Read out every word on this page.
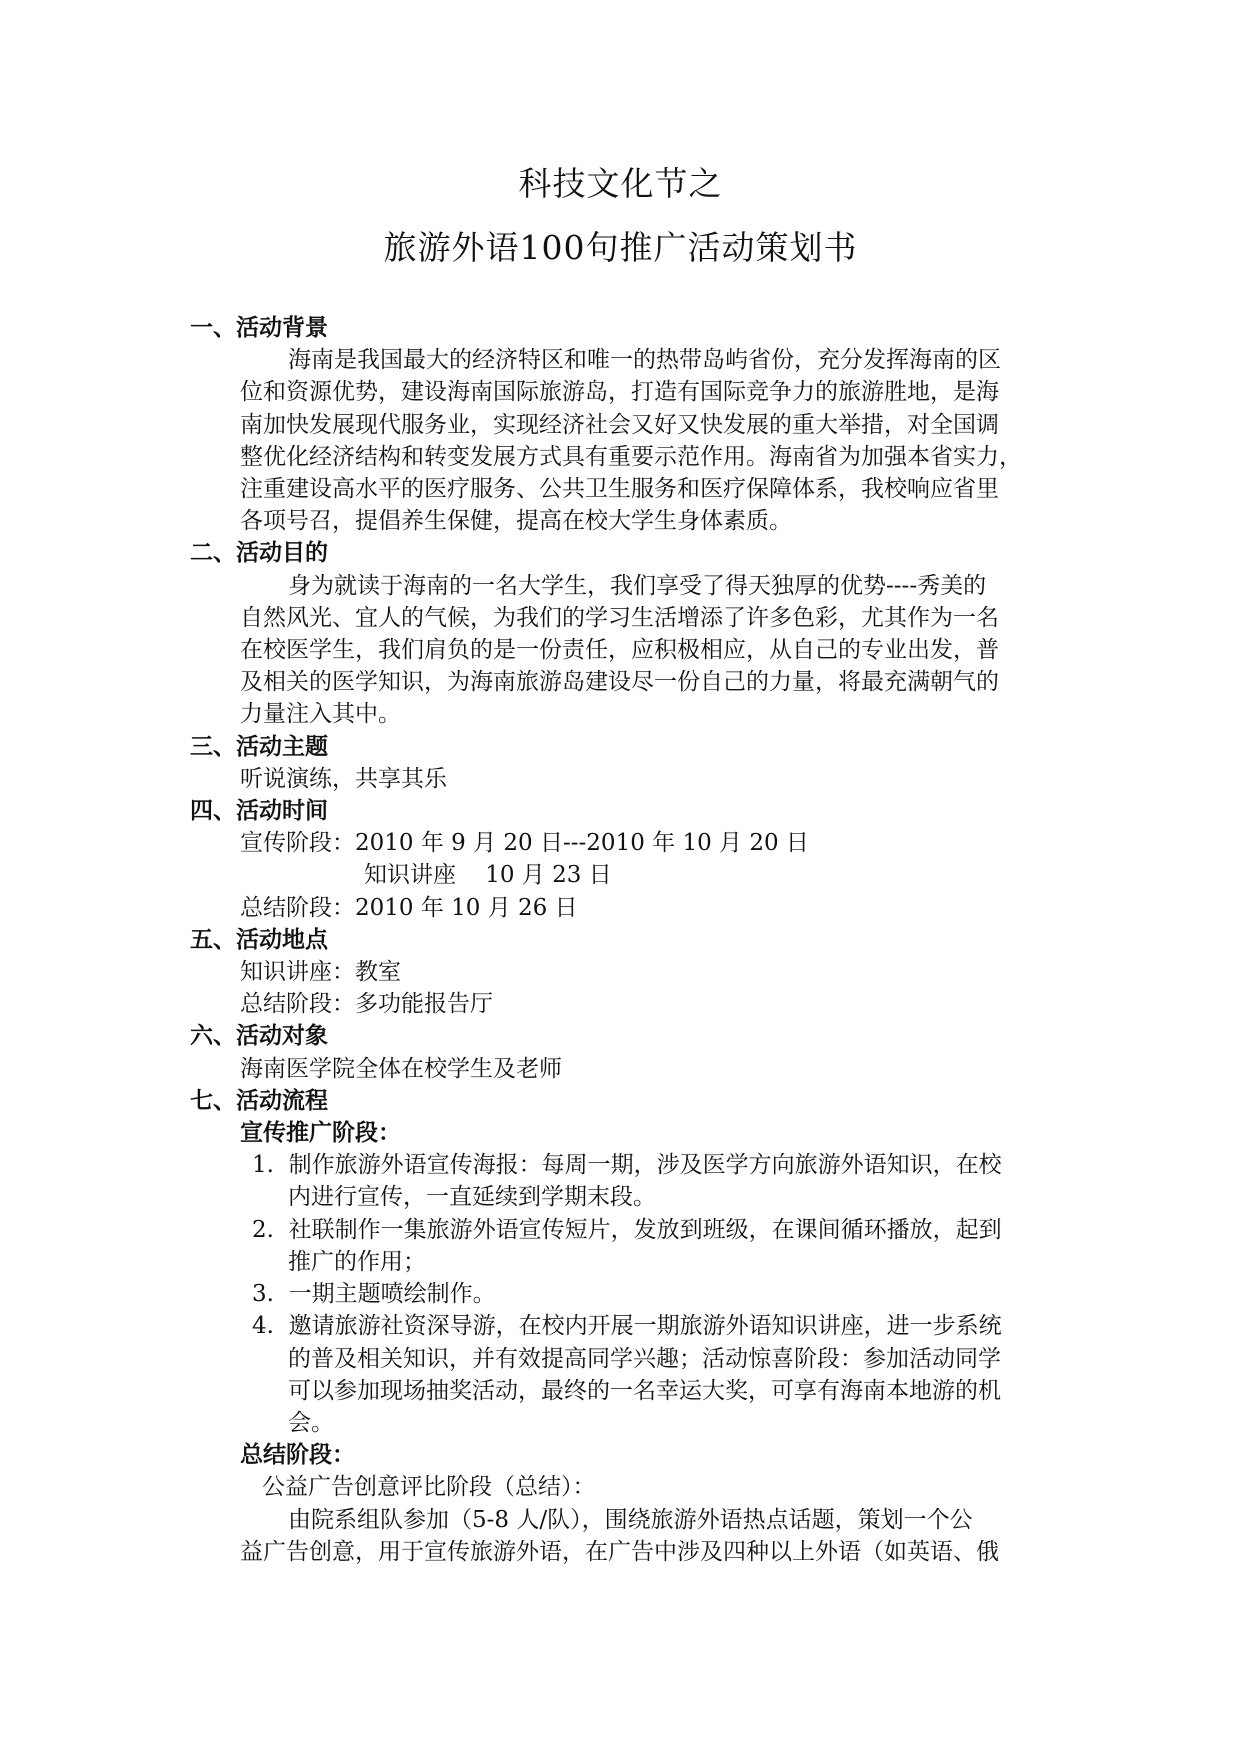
科技文化节之
旅游外语100句推广活动策划书
一、活动背景
海南是我国最大的经济特区和唯一的热带岛屿省份，充分发挥海南的区
位和资源优势，建设海南国际旅游岛，打造有国际竞争力的旅游胜地，是海
南加快发展现代服务业，实现经济社会又好又快发展的重大举措，对全国调
整优化经济结构和转变发展方式具有重要示范作用。海南省为加强本省实力，
注重建设高水平的医疗服务、公共卫生服务和医疗保障体系，我校响应省里
各项号召，提倡养生保健，提高在校大学生身体素质。
二、活动目的
身为就读于海南的一名大学生，我们享受了得天独厚的优势----秀美的
自然风光、宜人的气候，为我们的学习生活增添了许多色彩，尤其作为一名
在校医学生，我们肩负的是一份责任，应积极相应，从自己的专业出发，普
及相关的医学知识，为海南旅游岛建设尽一份自己的力量，将最充满朝气的
力量注入其中。
三、活动主题
听说演练，共享其乐
四、活动时间
宣传阶段：2010 年 9 月 20 日---2010 年 10 月 20 日
知识讲座    10 月 23 日
总结阶段：2010 年 10 月 26 日
五、活动地点
知识讲座：教室
总结阶段：多功能报告厅
六、活动对象
海南医学院全体在校学生及老师
七、活动流程
宣传推广阶段：
1.  制作旅游外语宣传海报：每周一期，涉及医学方向旅游外语知识，在校
内进行宣传，一直延续到学期末段。
2.  社联制作一集旅游外语宣传短片，发放到班级，在课间循环播放，起到
推广的作用；
3.  一期主题喷绘制作。
4.  邀请旅游社资深导游，在校内开展一期旅游外语知识讲座，进一步系统
的普及相关知识，并有效提高同学兴趣；活动惊喜阶段：参加活动同学
可以参加现场抽奖活动，最终的一名幸运大奖，可享有海南本地游的机
会。
总结阶段：
公益广告创意评比阶段（总结）：
由院系组队参加（5-8 人/队），围绕旅游外语热点话题，策划一个公
益广告创意，用于宣传旅游外语，在广告中涉及四种以上外语（如英语、俄
